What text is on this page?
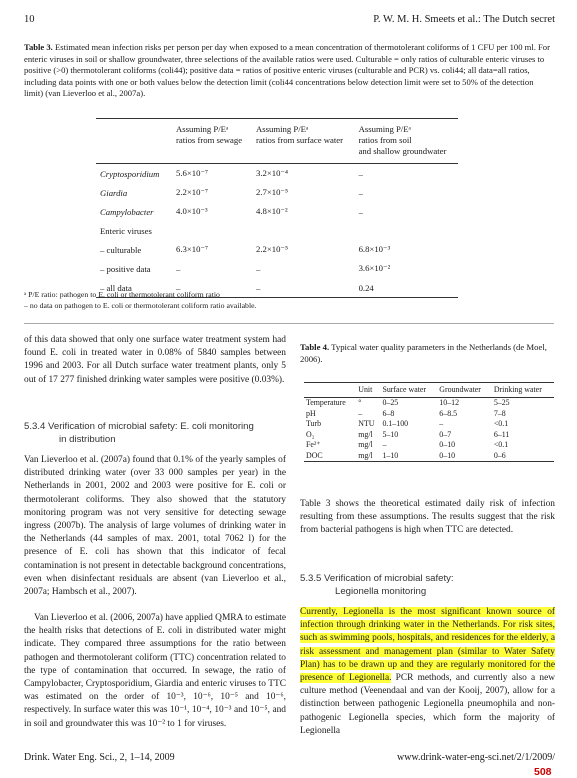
10	P. W. M. H. Smeets et al.: The Dutch secret
Table 3. Estimated mean infection risks per person per day when exposed to a mean concentration of thermotolerant coliforms of 1 CFU per 100 ml. For enteric viruses in soil or shallow groundwater, three selections of the available ratios were used. Culturable = only ratios of culturable enteric viruses to positive (>0) thermotolerant coliforms (coli44); positive data = ratios of positive enteric viruses (culturable and PCR) vs. coli44; all data=all ratios, including data points with one or both values below the detection limit (coli44 concentrations below detection limit were set to 50% of the detection limit) (van Lieverloo et al., 2007a).
	Assuming P/Eᵃ
ratios from sewage	Assuming P/Eᵃ
ratios from surface water	Assuming P/Eᵃ
ratios from soil
and shallow groundwater
Cryptosporidium	5.6×10⁻⁷	3.2×10⁻⁴	–
Giardia	2.2×10⁻⁷	2.7×10⁻⁵	–
Campylobacter	4.0×10⁻³	4.8×10⁻²	–
Enteric viruses			
– culturable	6.3×10⁻⁷	2.2×10⁻⁵	6.8×10⁻³
– positive data	–	–	3.6×10⁻²
– all data	–	–	0.24
ᵃ P/E ratio: pathogen to E. coli or thermotolerant coliform ratio
– no data on pathogen to E. coli or thermotolerant coliform ratio available.
of this data showed that only one surface water treatment system had found E. coli in treated water in 0.08% of 5840 samples between 1996 and 2003. For all Dutch surface water treatment plants, only 5 out of 17 277 finished drinking water samples were positive (0.03%).
5.3.4 Verification of microbial safety: E. coli monitoring
in distribution
Van Lieverloo et al. (2007a) found that 0.1% of the yearly samples of distributed drinking water (over 33 000 samples per year) in the Netherlands in 2001, 2002 and 2003 were positive for E. coli or thermotolerant coliforms. They also showed that the statutory monitoring program was not very sensitive for detecting sewage ingress (2007b). The analysis of large volumes of drinking water in the Netherlands (44 samples of max. 2001, total 7062 l) for the presence of E. coli has shown that this indicator of fecal contamination is not present in detectable background concentrations, even when disinfectant residuals are absent (van Lieverloo et al., 2007a; Hambsch et al., 2007).
Van Lieverloo et al. (2006, 2007a) have applied QMRA to estimate the health risks that detections of E. coli in distributed water might indicate. They compared three assumptions for the ratio between pathogen and thermotolerant coliform (TTC) concentration related to the type of contamination that occurred. In sewage, the ratio of Campylobacter, Cryptosporidium, Giardia and enteric viruses to TTC was estimated on the order of 10⁻³, 10⁻⁶, 10⁻⁵ and 10⁻⁶, respectively. In surface water this was 10⁻¹, 10⁻⁴, 10⁻³ and 10⁻⁵, and in soil and groundwater this was 10⁻² to 1 for viruses.
Table 4. Typical water quality parameters in the Netherlands (de Moel, 2006).
	Unit	Surface water	Groundwater	Drinking water
Temperature	°	0–25	10–12	5–25
pH	–	6–8	6–8.5	7–8
Turb	NTU	0.1–100	–	<0.1
O₂	mg/l	5–10	0–7	6–11
Fe²⁺	mg/l	–	0–10	<0.1
DOC	mg/l	1–10	0–10	0–6
Table 3 shows the theoretical estimated daily risk of infection resulting from these assumptions. The results suggest that the risk from bacterial pathogens is high when TTC are detected.
5.3.5 Verification of microbial safety:
Legionella monitoring
Currently, Legionella is the most significant known source of infection through drinking water in the Netherlands. For risk sites, such as swimming pools, hospitals, and residences for the elderly, a risk assessment and management plan (similar to Water Safety Plan) has to be drawn up and they are regularly monitored for the presence of Legionella. PCR methods, and currently also a new culture method (Veenendaal and van der Kooij, 2007), allow for a distinction between pathogenic Legionella pneumophila and non-pathogenic Legionella species, which form the majority of Legionella
Drink. Water Eng. Sci., 2, 1–14, 2009	www.drink-water-eng-sci.net/2/1/2009/
508
